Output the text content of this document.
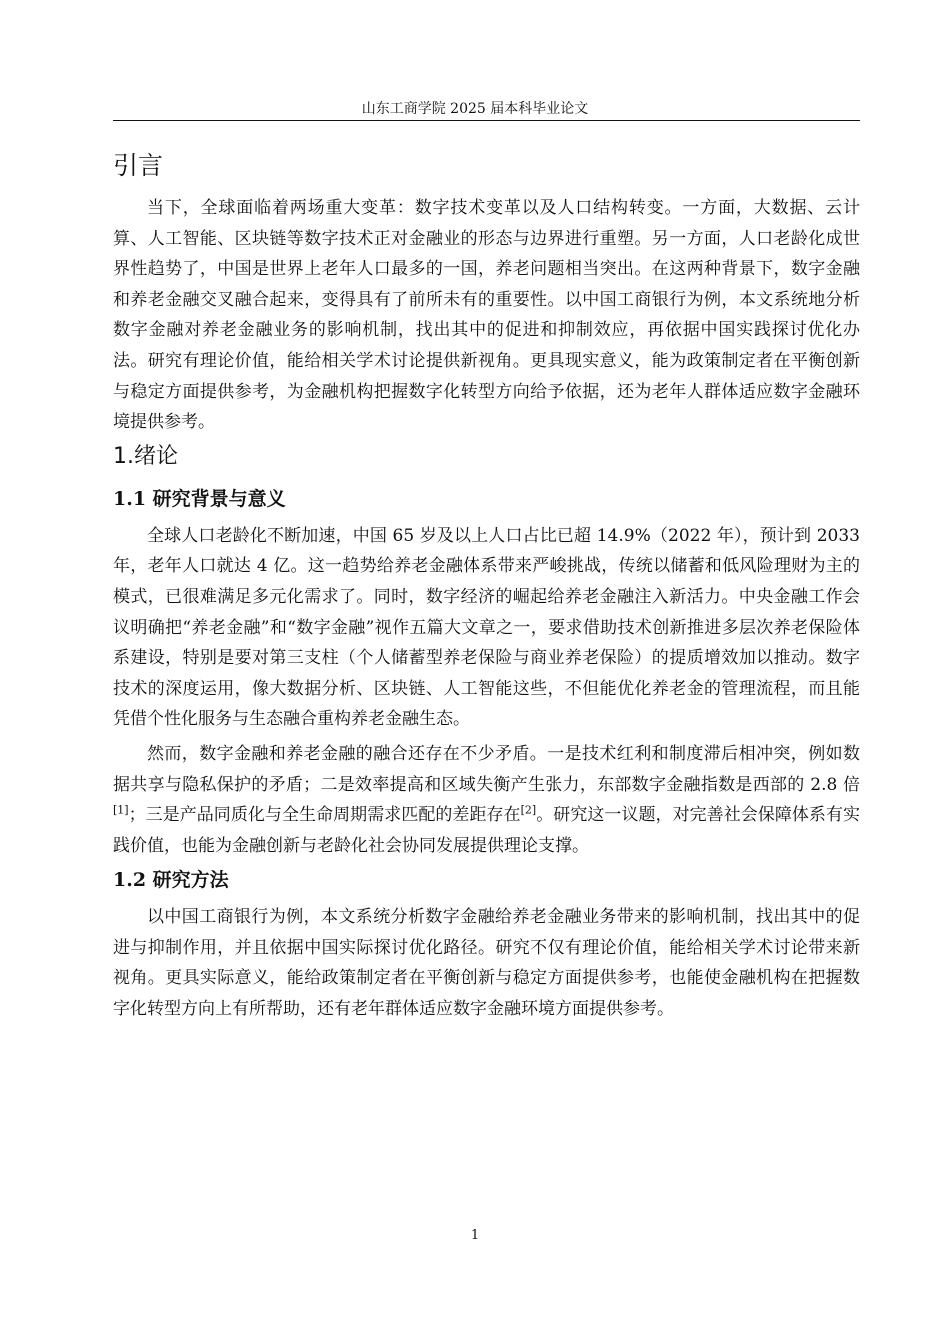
山东工商学院 2025 届本科毕业论文
引言

当下，全球面临着两场重大变革：数字技术变革以及人口结构转变。一方面，大数据、云计算、人工智能、区块链等数字技术正对金融业的形态与边界进行重塑。另一方面，人口老龄化成世界性趋势了，中国是世界上老年人口最多的一国，养老问题相当突出。在这两种背景下，数字金融和养老金融交叉融合起来，变得具有了前所未有的重要性。以中国工商银行为例，本文系统地分析数字金融对养老金融业务的影响机制，找出其中的促进和抑制效应，再依据中国实践探讨优化办法。研究有理论价值，能给相关学术讨论提供新视角。更具现实意义，能为政策制定者在平衡创新与稳定方面提供参考，为金融机构把握数字化转型方向给予依据，还为老年人群体适应数字金融环境提供参考。

1.绪论
1.1 研究背景与意义

全球人口老龄化不断加速，中国 65 岁及以上人口占比已超 14.9%（2022 年），预计到 2033 年，老年人口就达 4 亿。这一趋势给养老金融体系带来严峻挑战，传统以储蓄和低风险理财为主的模式，已很难满足多元化需求了。同时，数字经济的崛起给养老金融注入新活力。中央金融工作会议明确把“养老金融”和“数字金融”视作五篇大文章之一，要求借助技术创新推进多层次养老保险体系建设，特别是要对第三支柱（个人储蓄型养老保险与商业养老保险）的提质增效加以推动。数字技术的深度运用，像大数据分析、区块链、人工智能这些，不但能优化养老金的管理流程，而且能凭借个性化服务与生态融合重构养老金融生态。

然而，数字金融和养老金融的融合还存在不少矛盾。一是技术红利和制度滞后相冲突，例如数据共享与隐私保护的矛盾；二是效率提高和区域失衡产生张力，东部数字金融指数是西部的 2.8 倍[1]；三是产品同质化与全生命周期需求匹配的差距存在[2]。研究这一议题，对完善社会保障体系有实践价值，也能为金融创新与老龄化社会协同发展提供理论支撑。

1.2 研究方法

以中国工商银行为例，本文系统分析数字金融给养老金融业务带来的影响机制，找出其中的促进与抑制作用，并且依据中国实际探讨优化路径。研究不仅有理论价值，能给相关学术讨论带来新视角。更具实际意义，能给政策制定者在平衡创新与稳定方面提供参考，也能使金融机构在把握数字化转型方向上有所帮助，还有老年群体适应数字金融环境方面提供参考。

1
